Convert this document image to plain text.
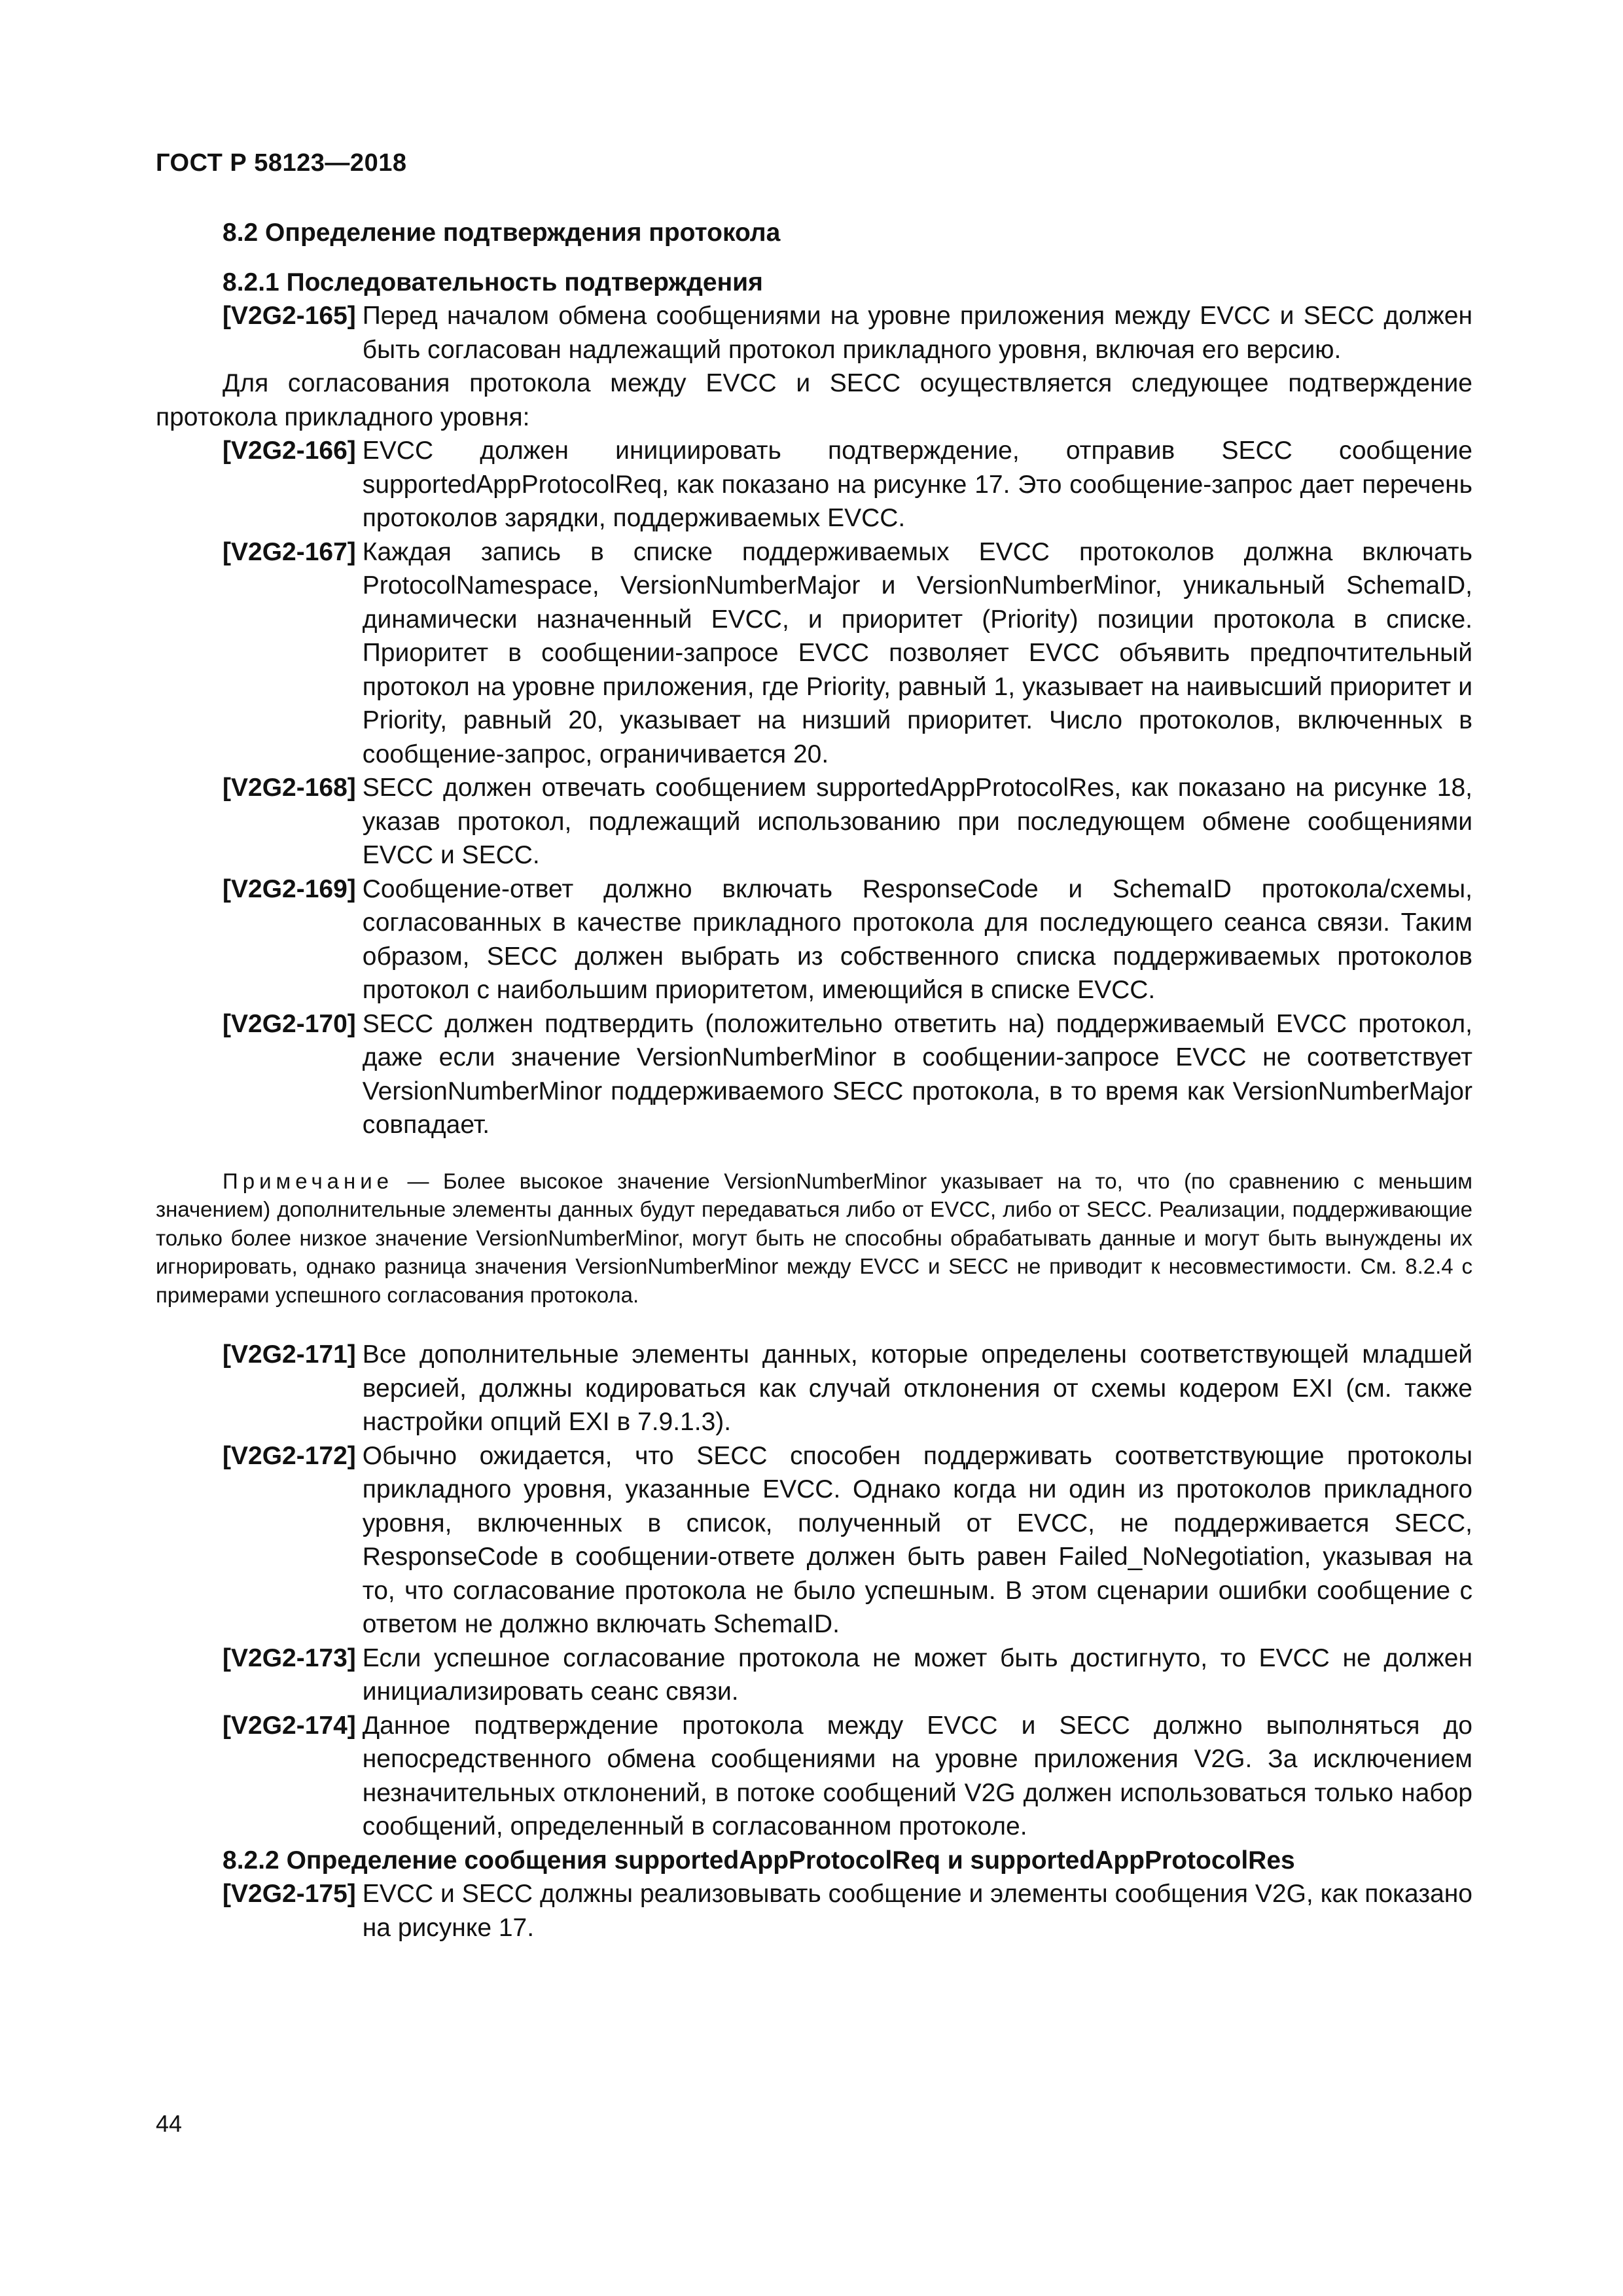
ГОСТ Р 58123—2018
8.2 Определение подтверждения протокола
8.2.1 Последовательность подтверждения
[V2G2-165] Перед началом обмена сообщениями на уровне приложения между EVCC и SECC должен быть согласован надлежащий протокол прикладного уровня, включая его версию.
Для согласования протокола между EVCC и SECC осуществляется следующее подтверждение протокола прикладного уровня:
[V2G2-166] EVCC должен инициировать подтверждение, отправив SECC сообщение supportedAppProtocolReq, как показано на рисунке 17. Это сообщение-запрос дает перечень протоколов зарядки, поддерживаемых EVCC.
[V2G2-167] Каждая запись в списке поддерживаемых EVCC протоколов должна включать ProtocolNamespace, VersionNumberMajor и VersionNumberMinor, уникальный SchemaID, динамически назначенный EVCC, и приоритет (Priority) позиции протокола в списке. Приоритет в сообщении-запросе EVCC позволяет EVCC объявить предпочтительный протокол на уровне приложения, где Priority, равный 1, указывает на наивысший приоритет и Priority, равный 20, указывает на низший приоритет. Число протоколов, включенных в сообщение-запрос, ограничивается 20.
[V2G2-168] SECC должен отвечать сообщением supportedAppProtocolRes, как показано на рисунке 18, указав протокол, подлежащий использованию при последующем обмене сообщениями EVCC и SECC.
[V2G2-169] Сообщение-ответ должно включать ResponseCode и SchemaID протокола/схемы, согласованных в качестве прикладного протокола для последующего сеанса связи. Таким образом, SECC должен выбрать из собственного списка поддерживаемых протоколов протокол с наибольшим приоритетом, имеющийся в списке EVCC.
[V2G2-170] SECC должен подтвердить (положительно ответить на) поддерживаемый EVCC протокол, даже если значение VersionNumberMinor в сообщении-запросе EVCC не соответствует VersionNumberMinor поддерживаемого SECC протокола, в то время как VersionNumberMajor совпадает.
Примечание — Более высокое значение VersionNumberMinor указывает на то, что (по сравнению с меньшим значением) дополнительные элементы данных будут передаваться либо от EVCC, либо от SECC. Реализации, поддерживающие только более низкое значение VersionNumberMinor, могут быть не способны обрабатывать данные и могут быть вынуждены их игнорировать, однако разница значения VersionNumberMinor между EVCC и SECC не приводит к несовместимости. См. 8.2.4 с примерами успешного согласования протокола.
[V2G2-171] Все дополнительные элементы данных, которые определены соответствующей младшей версией, должны кодироваться как случай отклонения от схемы кодером EXI (см. также настройки опций EXI в 7.9.1.3).
[V2G2-172] Обычно ожидается, что SECC способен поддерживать соответствующие протоколы прикладного уровня, указанные EVCC. Однако когда ни один из протоколов прикладного уровня, включенных в список, полученный от EVCC, не поддерживается SECC, ResponseCode в сообщении-ответе должен быть равен Failed_NoNegotiation, указывая на то, что согласование протокола не было успешным. В этом сценарии ошибки сообщение с ответом не должно включать SchemaID.
[V2G2-173] Если успешное согласование протокола не может быть достигнуто, то EVCC не должен инициализировать сеанс связи.
[V2G2-174] Данное подтверждение протокола между EVCC и SECC должно выполняться до непосредственного обмена сообщениями на уровне приложения V2G. За исключением незначительных отклонений, в потоке сообщений V2G должен использоваться только набор сообщений, определенный в согласованном протоколе.
8.2.2 Определение сообщения supportedAppProtocolReq и supportedAppProtocolRes
[V2G2-175] EVCC и SECC должны реализовывать сообщение и элементы сообщения V2G, как показано на рисунке 17.
44
